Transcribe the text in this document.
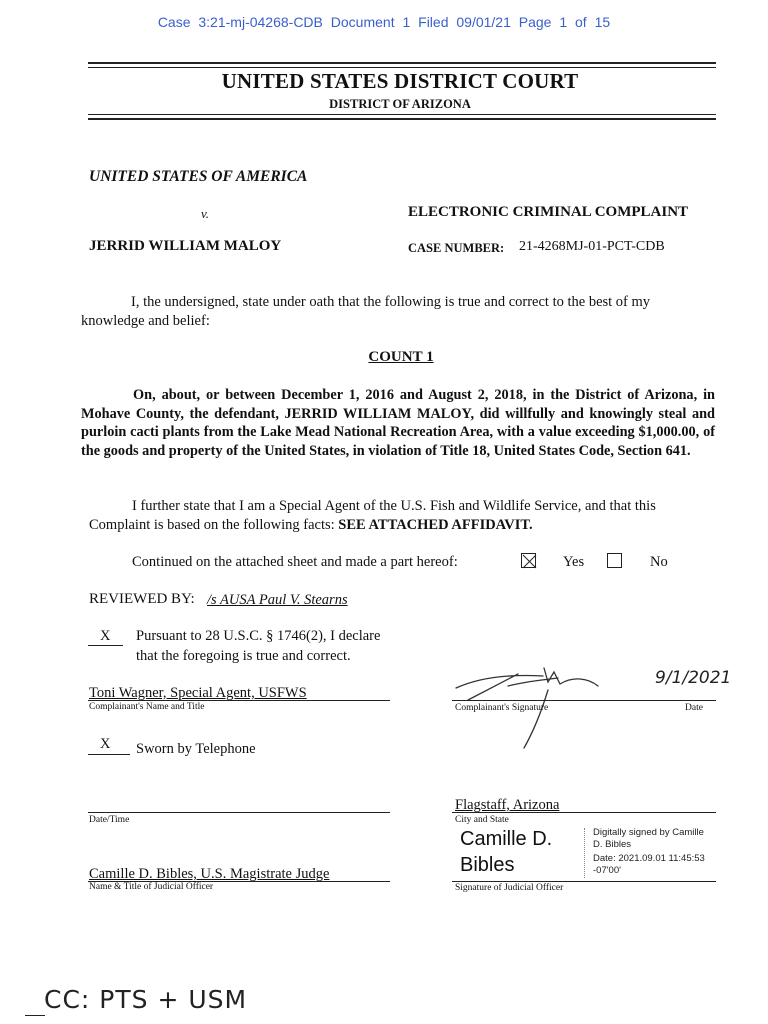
Case 3:21-mj-04268-CDB Document 1 Filed 09/01/21 Page 1 of 15
UNITED STATES DISTRICT COURT
DISTRICT OF ARIZONA
UNITED STATES OF AMERICA
v.	ELECTRONIC CRIMINAL COMPLAINT
JERRID WILLIAM MALOY	CASE NUMBER: 21-4268MJ-01-PCT-CDB
I, the undersigned, state under oath that the following is true and correct to the best of my knowledge and belief:
COUNT 1
On, about, or between December 1, 2016 and August 2, 2018, in the District of Arizona, in Mohave County, the defendant, JERRID WILLIAM MALOY, did willfully and knowingly steal and purloin cacti plants from the Lake Mead National Recreation Area, with a value exceeding $1,000.00, of the goods and property of the United States, in violation of Title 18, United States Code, Section 641.
I further state that I am a Special Agent of the U.S. Fish and Wildlife Service, and that this Complaint is based on the following facts: SEE ATTACHED AFFIDAVIT.
Continued on the attached sheet and made a part hereof:	Yes	No
REVIEWED BY: /s AUSA Paul V. Stearns
X Pursuant to 28 U.S.C. § 1746(2), I declare
that the foregoing is true and correct.
Toni Wagner, Special Agent, USFWS
Complainant's Name and Title
9/1/2021
Complainant's Signature	Date
X Sworn by Telephone
Date/Time
Flagstaff, Arizona
City and State
Camille D.
Bibles
Digitally signed by Camille
D. Bibles
Date: 2021.09.01 11:45:53
-07'00'
Camille D. Bibles, U.S. Magistrate Judge
Name & Title of Judicial Officer	Signature of Judicial Officer
CC: PTS + USM
